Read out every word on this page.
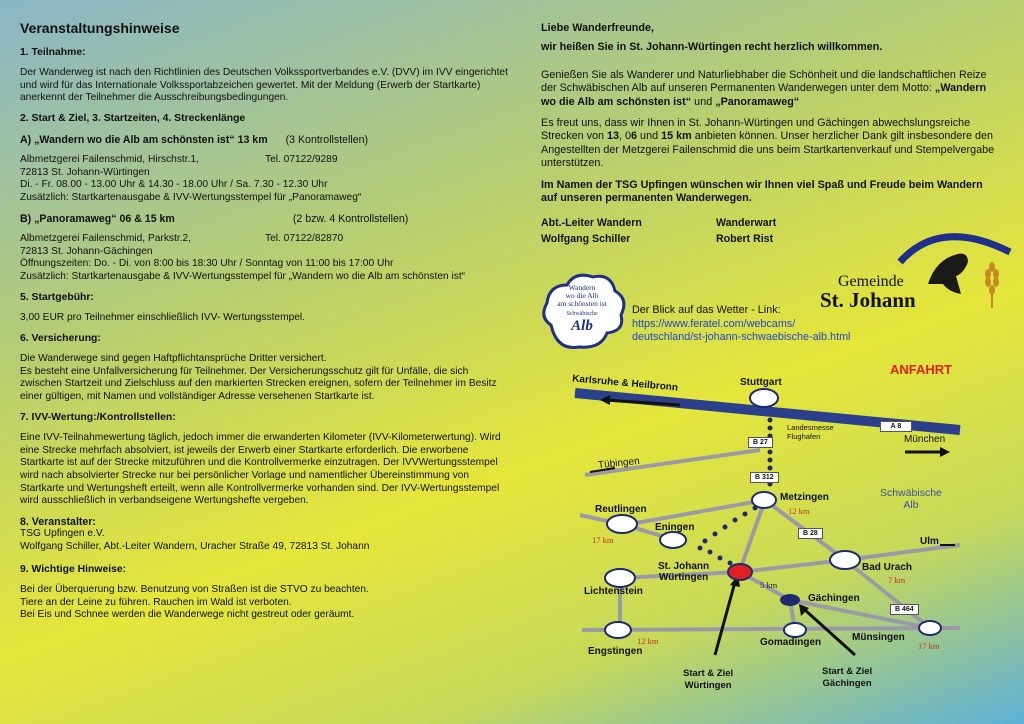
Veranstaltungshinweise
1. Teilnahme:

Der Wanderweg ist nach den Richtlinien des Deutschen Volkssportverbandes e.V. (DVV) im IVV eingerichtet und wird für das Internationale Volkssportabzeichen gewertet. Mit der Meldung (Erwerb der Startkarte) anerkennt der Teilnehmer die Ausschreibungsbedingungen.

2. Start & Ziel, 3. Startzeiten, 4. Streckenlänge
A) „Wandern wo die Alb am schönsten ist“ 13 km (3 Kontrollstellen)
Albmetzgerei Failenschmid, Hirschstr.1,	Tel. 07122/9289
72813 St. Johann-Würtingen
Di. - Fr. 08.00 - 13.00 Uhr & 14.30 - 18.00 Uhr / Sa. 7.30 - 12.30 Uhr
Zusätzlich: Startkartenausgabe & IVV-Wertungsstempel für „Panoramaweg“
B) „Panoramaweg“ 06 & 15 km	(2 bzw. 4 Kontrollstellen)
Albmetzgerei Failenschmid, Parkstr.2,	Tel. 07122/82870
72813 St. Johann-Gächingen
Öffnungszeiten: Do. - Di. von 8:00 bis 18:30 Uhr / Sonntag von 11:00 bis 17:00 Uhr
Zusätzlich: Startkartenausgabe & IVV-Wertungsstempel für „Wandern wo die Alb am schönsten ist“
5. Startgebühr:

3,00 EUR pro Teilnehmer einschließlich IVV- Wertungsstempel.

6. Versicherung:

Die Wanderwege sind gegen Haftpflichtansprüche Dritter versichert.
Es besteht eine Unfallversicherung für Teilnehmer. Der Versicherungsschutz gilt für Unfälle, die sich zwischen Startzeit und Zielschluss auf den markierten Strecken ereignen, sofern der Teilnehmer im Besitz einer gültigen, mit Namen und vollständiger Adresse versehenen Startkarte ist.

7. IVV-Wertung:/Kontrollstellen:

Eine IVV-Teilnahmewertung täglich, jedoch immer die erwanderten Kilometer (IVV-Kilometerwertung). Wird eine Strecke mehrfach absolviert, ist jeweils der Erwerb einer Startkarte erforderlich. Die erworbene Startkarte ist auf der Strecke mitzuführen und die Kontrollvermerke einzutragen. Der IVVWertungsstempel wird nach absolvierter Strecke nur bei persönlicher Vorlage und namentlicher Übereinstimmung von Startkarte und Wertungsheft erteilt, wenn alle Kontrollvermerke vorhanden sind. Der IVV-Wertungsstempel wird ausschließlich in verbandseigene Wertungshefte vergeben.

8. Veranstalter:

TSG Upfingen e.V.
Wolfgang Schiller, Abt.-Leiter Wandern, Uracher Straße 49, 72813 St. Johann

9. Wichtige Hinweise:

Bei der Überquerung bzw. Benutzung von Straßen ist die STVO zu beachten.
Tiere an der Leine zu führen. Rauchen im Wald ist verboten.
Bei Eis und Schnee werden die Wanderwege nicht gestreut oder geräumt.

Liebe Wanderfreunde,

wir heißen Sie in St. Johann-Würtingen recht herzlich willkommen.

Genießen Sie als Wanderer und Naturliebhaber die Schönheit und die landschaftlichen Reize der Schwäbischen Alb auf unseren Permanenten Wanderwegen unter dem Motto: „Wandern wo die Alb am schönsten ist“ und „Panoramaweg“

Es freut uns, dass wir Ihnen in St. Johann-Würtingen und Gächingen abwechslungsreiche Strecken von 13, 06 und 15 km anbieten können. Unser herzlicher Dank gilt insbesondere den Angestellten der Metzgerei Failenschmid die uns beim Startkartenverkauf und Stempelvergabe unterstützen.

Im Namen der TSG Upfingen wünschen wir Ihnen viel Spaß und Freude beim Wandern auf unseren permanenten Wanderwegen.

Abt.-Leiter Wandern	Wanderwart
Wolfgang Schiller	Robert Rist
Gemeinde
St. Johann
Wandern
wo die Alb
am schönsten ist
Schwäbische
Alb
Der Blick auf das Wetter - Link:
https://www.feratel.com/webcams/
deutschland/st-johann-schwaebische-alb.html
ANFAHRT
Karlsruhe & Heilbronn	Stuttgart
Landesmesse
Flughafen
A 8
München
B 27
Tübingen
B 312
Metzingen
12 km
Schwäbische
Alb
Reutlingen
17 km
Eningen
B 28
Ulm
St. Johann
Würtingen
Bad Urach
7 km
Lichtenstein
5 km
Gächingen
B 464
12 km	Gomadingen	Münsingen
17 km
Engstingen
Start & Ziel
Würtingen
Start & Ziel
Gächingen
